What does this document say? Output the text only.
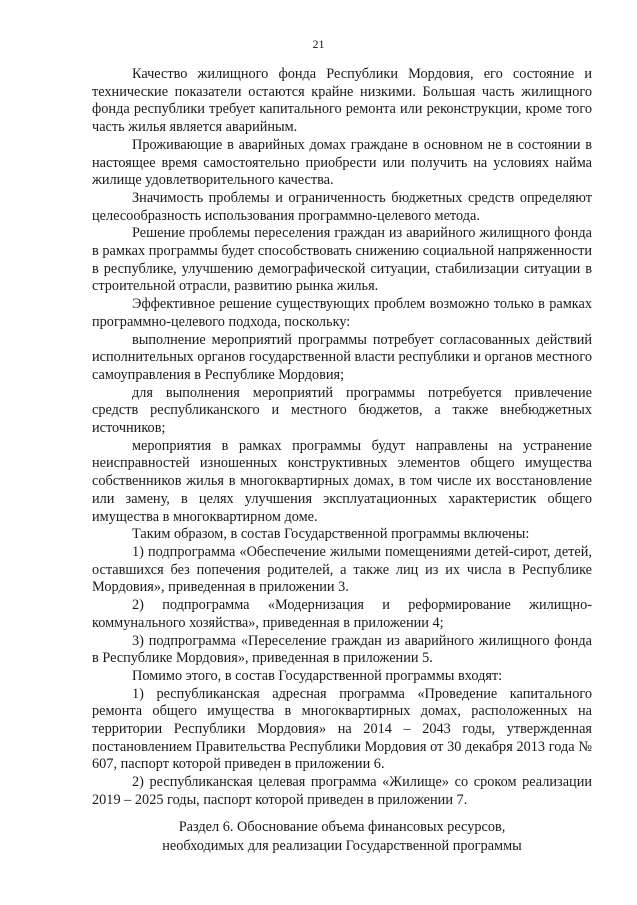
21

Качество жилищного фонда Республики Мордовия, его состояние и технические показатели остаются крайне низкими. Большая часть жилищного фонда республики требует капитального ремонта или реконструкции, кроме того часть жилья является аварийным.

Проживающие в аварийных домах граждане в основном не в состоянии в настоящее время самостоятельно приобрести или получить на условиях найма жилище удовлетворительного качества.

Значимость проблемы и ограниченность бюджетных средств определяют целесообразность использования программно-целевого метода.

Решение проблемы переселения граждан из аварийного жилищного фонда в рамках программы будет способствовать снижению социальной напряженности в республике, улучшению демографической ситуации, стабилизации ситуации в строительной отрасли, развитию рынка жилья.

Эффективное решение существующих проблем возможно только в рамках программно-целевого подхода, поскольку:

выполнение мероприятий программы потребует согласованных действий исполнительных органов государственной власти республики и органов местного самоуправления в Республике Мордовия;

для выполнения мероприятий программы потребуется привлечение средств республиканского и местного бюджетов, а также внебюджетных источников;

мероприятия в рамках программы будут направлены на устранение неисправностей изношенных конструктивных элементов общего имущества собственников жилья в многоквартирных домах, в том числе их восстановление или замену, в целях улучшения эксплуатационных характеристик общего имущества в многоквартирном доме.

Таким образом, в состав Государственной программы включены:

1) подпрограмма «Обеспечение жилыми помещениями детей-сирот, детей, оставшихся без попечения родителей, а также лиц из их числа в Республике Мордовия», приведенная в приложении 3.

2) подпрограмма «Модернизация и реформирование жилищно-коммунального хозяйства», приведенная в приложении 4;

3) подпрограмма «Переселение граждан из аварийного жилищного фонда в Республике Мордовия», приведенная в приложении 5.

Помимо этого, в состав Государственной программы входят:

1) республиканская адресная программа «Проведение капитального ремонта общего имущества в многоквартирных домах, расположенных на территории Республики Мордовия» на 2014 – 2043 годы, утвержденная постановлением Правительства Республики Мордовия от 30 декабря 2013 года № 607, паспорт которой приведен в приложении 6.

2) республиканская целевая программа «Жилище» со сроком реализации 2019 – 2025 годы, паспорт которой приведен в приложении 7.

Раздел 6. Обоснование объема финансовых ресурсов,
необходимых для реализации Государственной программы
